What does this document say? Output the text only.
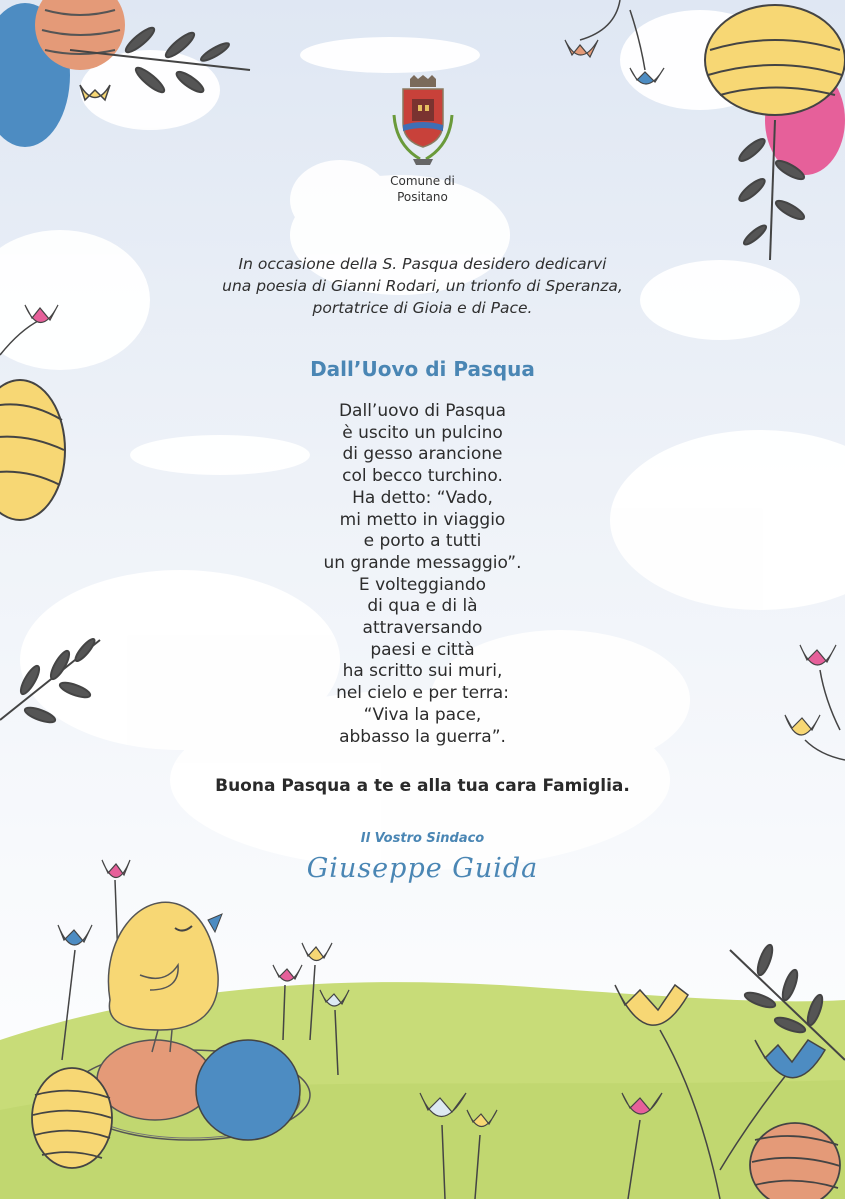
Comune di
Positano
In occasione della S. Pasqua desidero dedicarvi
una poesia di Gianni Rodari, un trionfo di Speranza,
portatrice di Gioia e di Pace.
Dall’Uovo di Pasqua
Dall’uovo di Pasqua
è uscito un pulcino
di gesso arancione
col becco turchino.
Ha detto: “Vado,
mi metto in viaggio
e porto a tutti
un grande messaggio”.
E volteggiando
di qua e di là
attraversando
paesi e città
ha scritto sui muri,
nel cielo e per terra:
“Viva la pace,
abbasso la guerra”.
Buona Pasqua a te e alla tua cara Famiglia.
Il Vostro Sindaco
Giuseppe Guida
